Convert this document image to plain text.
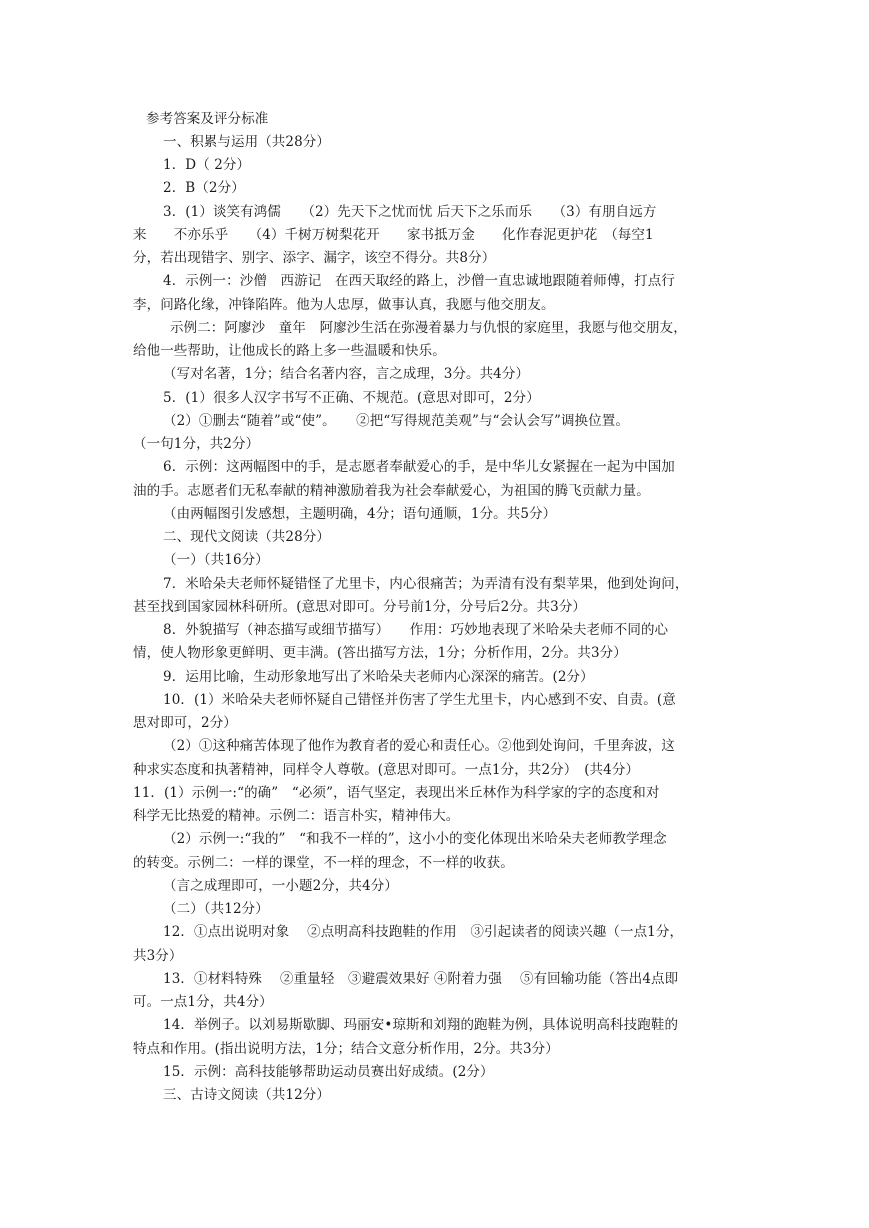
参考答案及评分标准
一、积累与运用（共28分）
1．D（ 2分）
2．B（2分）
3．(1）谈笑有鸿儒　　（2）先天下之忧而忧 后天下之乐而乐　　（3）有朋自远方
来　　不亦乐乎　　（4）千树万树梨花开　　家书抵万金　　化作春泥更护花　（每空1
分，若出现错字、别字、添字、漏字，该空不得分。共8分）
4．示例一：沙僧　西游记　在西天取经的路上，沙僧一直忠诚地跟随着师傅，打点行
李，问路化缘，冲锋陷阵。他为人忠厚，做事认真，我愿与他交朋友。
示例二：阿廖沙　童年　阿廖沙生活在弥漫着暴力与仇恨的家庭里，我愿与他交朋友，
给他一些帮助，让他成长的路上多一些温暖和快乐。
（写对名著，1分；结合名著内容，言之成理，3分。共4分）
5．(1）很多人汉字书写不正确、不规范。(意思对即可，2分）
（2）①删去“随着”或“使”。　　②把“写得规范美观”与“会认会写”调换位置。
（一句1分，共2分）
6．示例：这两幅图中的手，是志愿者奉献爱心的手，是中华儿女紧握在一起为中国加
油的手。志愿者们无私奉献的精神激励着我为社会奉献爱心，为祖国的腾飞贡献力量。
（由两幅图引发感想，主题明确，4分；语句通顺，1分。共5分）
二、现代文阅读（共28分）
（一）（共16分）
7．米哈朵夫老师怀疑错怪了尤里卡，内心很痛苦；为弄清有没有梨苹果，他到处询问，
甚至找到国家园林科研所。(意思对即可。分号前1分，分号后2分。共3分）
8．外貌描写（神态描写或细节描写）　　作用：巧妙地表现了米哈朵夫老师不同的心
情，使人物形象更鲜明、更丰满。(答出描写方法，1分；分析作用，2分。共3分）
9．运用比喻，生动形象地写出了米哈朵夫老师内心深深的痛苦。(2分）
10．(1）米哈朵夫老师怀疑自己错怪并伤害了学生尤里卡，内心感到不安、自责。(意
思对即可，2分）
（2）①这种痛苦体现了他作为教育者的爱心和责任心。②他到处询问，千里奔波，这
种求实态度和执著精神，同样令人尊敬。(意思对即可。一点1分，共2分）　(共4分）
11．(1）示例一:“的确”　“必须”，语气坚定，表现出米丘林作为科学家的字的态度和对
科学无比热爱的精神。示例二：语言朴实，精神伟大。
（2）示例一:“我的”　“和我不一样的”，这小小的变化体现出米哈朵夫老师教学理念
的转变。示例二：一样的课堂，不一样的理念，不一样的收获。
（言之成理即可，一小题2分，共4分）
（二）（共12分）
12．①点出说明对象　 ②点明高科技跑鞋的作用　③引起读者的阅读兴趣（一点1分，
共3分）
13．①材料特殊　 ②重量轻　③避震效果好 ④附着力强　 ⑤有回输功能（答出4点即
可。一点1分，共4分）
14．举例子。以刘易斯歇脚、玛丽安•琼斯和刘翔的跑鞋为例，具体说明高科技跑鞋的
特点和作用。(指出说明方法，1分；结合文意分析作用，2分。共3分）
15．示例：高科技能够帮助运动员赛出好成绩。(2分）
三、古诗文阅读（共12分）
